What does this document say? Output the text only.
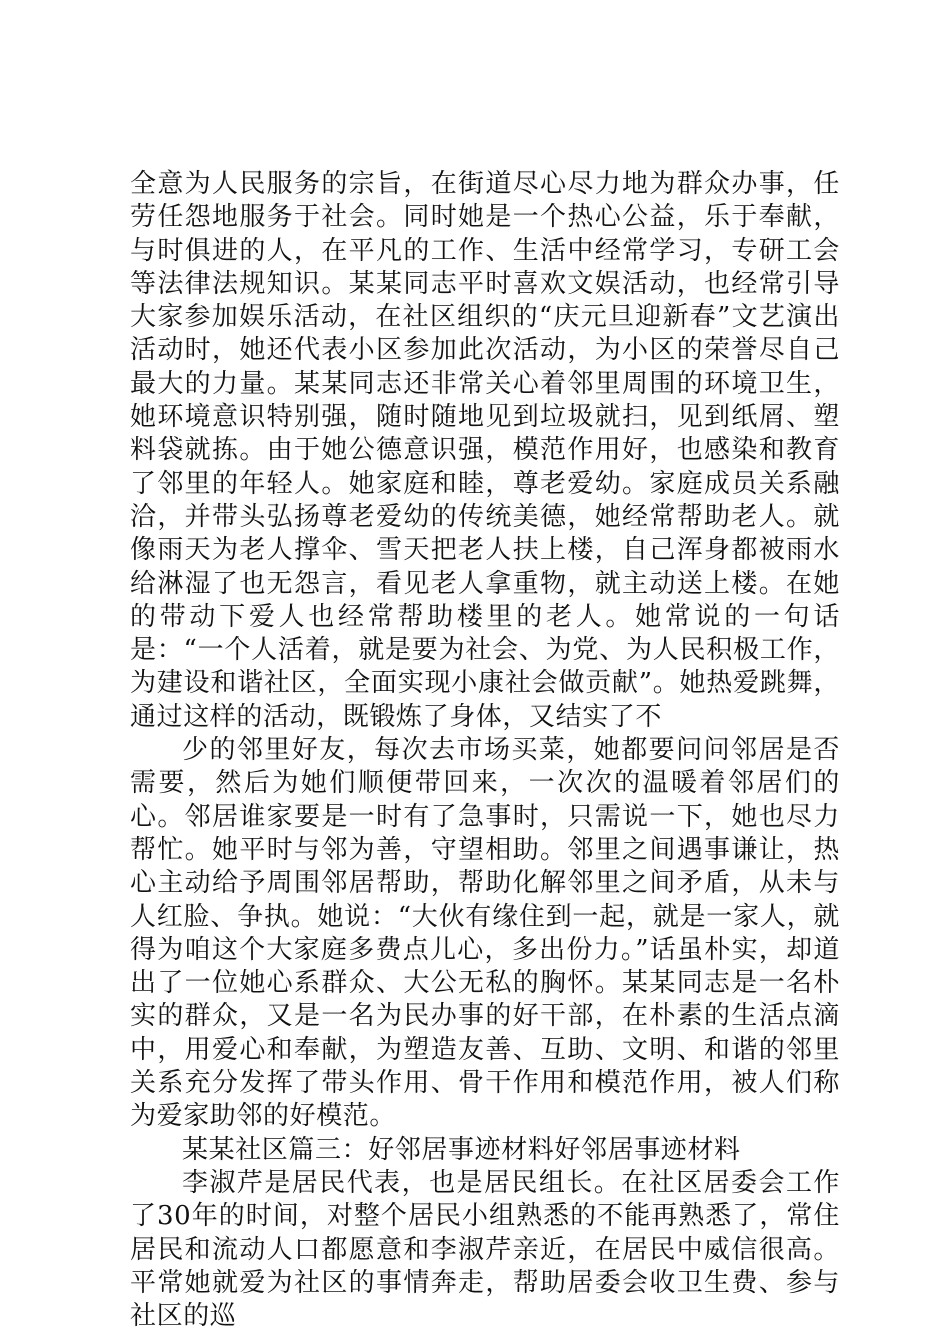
全意为人民服务的宗旨，在街道尽心尽力地为群众办事，任劳任怨地服务于社会。同时她是一个热心公益，乐于奉献，与时俱进的人，在平凡的工作、生活中经常学习，专研工会等法律法规知识。某某同志平时喜欢文娱活动，也经常引导大家参加娱乐活动，在社区组织的“庆元旦迎新春”文艺演出活动时，她还代表小区参加此次活动，为小区的荣誉尽自己最大的力量。某某同志还非常关心着邻里周围的环境卫生，她环境意识特别强，随时随地见到垃圾就扫，见到纸屑、塑料袋就拣。由于她公德意识强，模范作用好，也感染和教育了邻里的年轻人。她家庭和睦，尊老爱幼。家庭成员关系融洽，并带头弘扬尊老爱幼的传统美德，她经常帮助老人。就像雨天为老人撑伞、雪天把老人扶上楼，自己浑身都被雨水给淋湿了也无怨言，看见老人拿重物，就主动送上楼。在她的带动下爱人也经常帮助楼里的老人。她常说的一句话是：“一个人活着，就是要为社会、为党、为人民积极工作，为建设和谐社区，全面实现小康社会做贡献”。她热爱跳舞，通过这样的活动，既锻炼了身体，又结实了不

少的邻里好友，每次去市场买菜，她都要问问邻居是否需要，然后为她们顺便带回来，一次次的温暖着邻居们的心。邻居谁家要是一时有了急事时，只需说一下，她也尽力帮忙。她平时与邻为善，守望相助。邻里之间遇事谦让，热心主动给予周围邻居帮助，帮助化解邻里之间矛盾，从未与人红脸、争执。她说：“大伙有缘住到一起，就是一家人，就得为咱这个大家庭多费点儿心，多出份力。”话虽朴实，却道出了一位她心系群众、大公无私的胸怀。某某同志是一名朴实的群众，又是一名为民办事的好干部，在朴素的生活点滴中，用爱心和奉献，为塑造友善、互助、文明、和谐的邻里关系充分发挥了带头作用、骨干作用和模范作用，被人们称为爱家助邻的好模范。

某某社区篇三：好邻居事迹材料好邻居事迹材料

李淑芹是居民代表，也是居民组长。在社区居委会工作了30年的时间，对整个居民小组熟悉的不能再熟悉了，常住居民和流动人口都愿意和李淑芹亲近，在居民中威信很高。平常她就爱为社区的事情奔走，帮助居委会收卫生费、参与社区的巡
